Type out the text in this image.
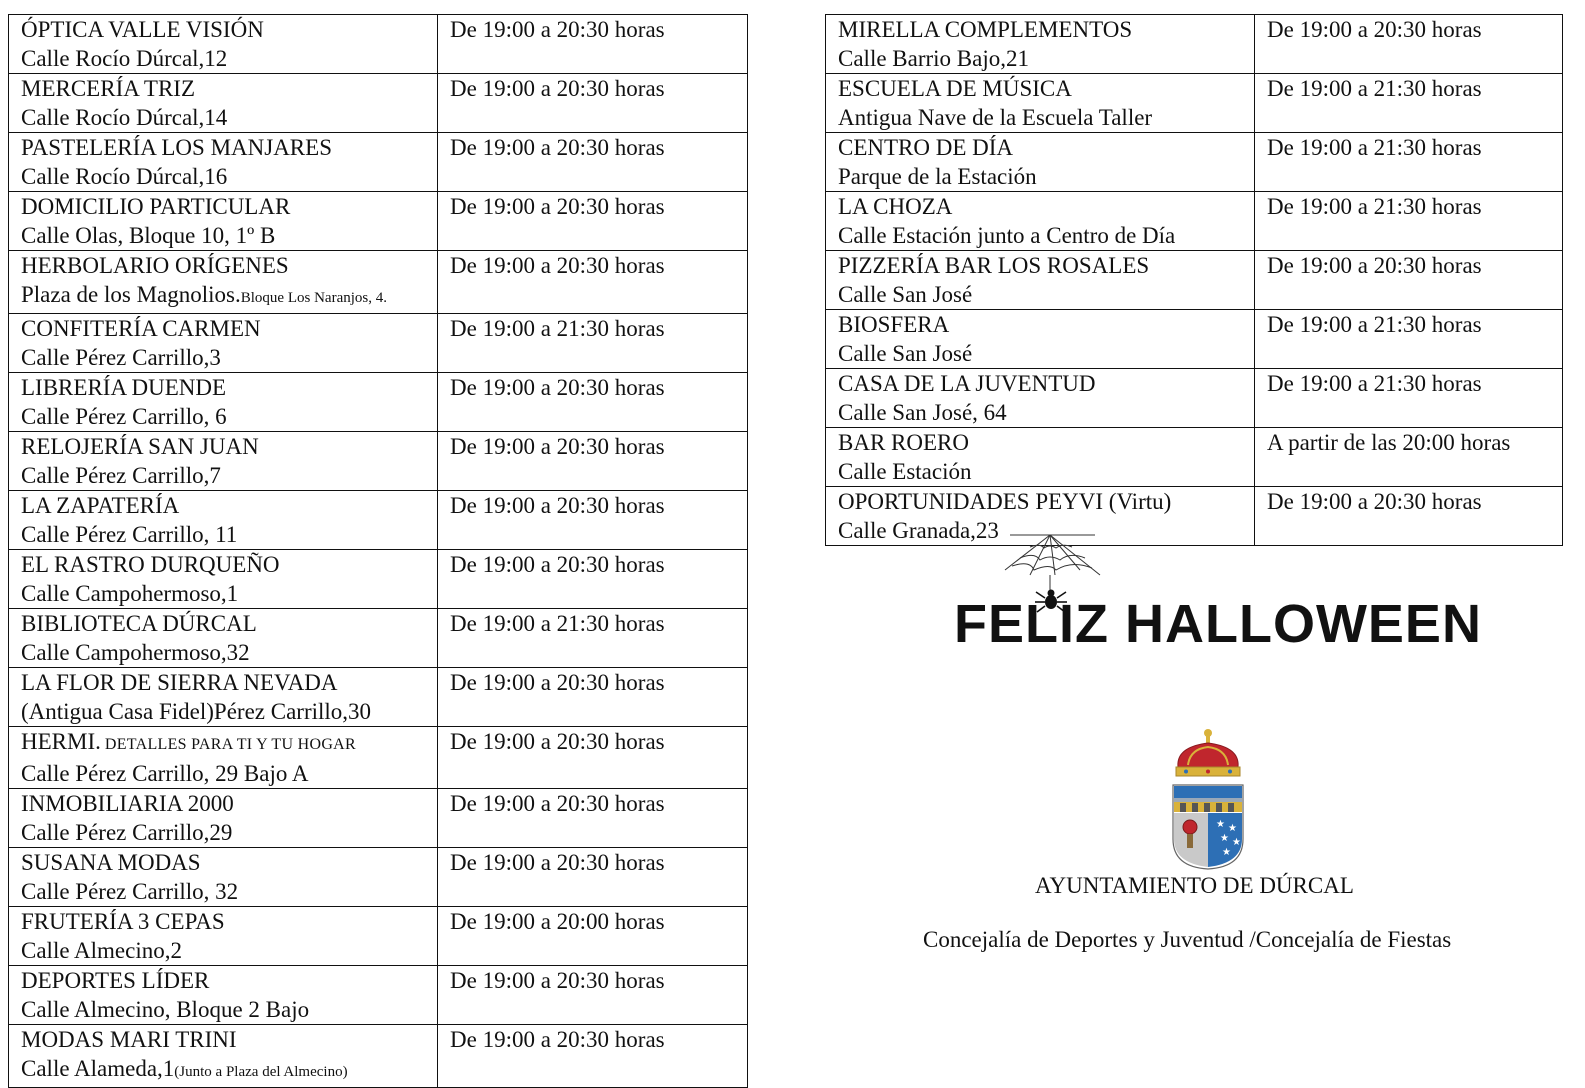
ÓPTICA VALLE VISIÓN
Calle Rocío Dúrcal,12	De 19:00 a 20:30 horas

MERCERÍA TRIZ
Calle Rocío Dúrcal,14	De 19:00 a 20:30 horas

PASTELERÍA LOS MANJARES
Calle Rocío Dúrcal,16	De 19:00 a 20:30 horas

DOMICILIO PARTICULAR
Calle Olas, Bloque 10, 1º B	De 19:00 a 20:30 horas

HERBOLARIO ORÍGENES
Plaza de los Magnolios.Bloque Los Naranjos, 4.	De 19:00 a 20:30 horas

CONFITERÍA CARMEN
Calle Pérez Carrillo,3	De 19:00 a 21:30 horas

LIBRERÍA DUENDE
Calle Pérez Carrillo, 6	De 19:00 a 20:30 horas

RELOJERÍA SAN JUAN
Calle Pérez Carrillo,7	De 19:00 a 20:30 horas

LA ZAPATERÍA
Calle Pérez Carrillo, 11	De 19:00 a 20:30 horas

EL RASTRO DURQUEÑO
Calle Campohermoso,1	De 19:00 a 20:30 horas

BIBLIOTECA DÚRCAL
Calle Campohermoso,32	De 19:00 a 21:30 horas

LA FLOR DE SIERRA NEVADA
(Antigua Casa Fidel)Pérez Carrillo,30	De 19:00 a 20:30 horas

HERMI. DETALLES PARA TI Y TU HOGAR
Calle Pérez Carrillo, 29 Bajo A	De 19:00 a 20:30 horas

INMOBILIARIA 2000
Calle Pérez Carrillo,29	De 19:00 a 20:30 horas

SUSANA MODAS
Calle Pérez Carrillo, 32	De 19:00 a 20:30 horas

FRUTERÍA 3 CEPAS
Calle Almecino,2	De 19:00 a 20:00 horas

DEPORTES LÍDER
Calle Almecino, Bloque 2 Bajo	De 19:00 a 20:30 horas

MODAS MARI TRINI
Calle Alameda,1(Junto a Plaza del Almecino)	De 19:00 a 20:30 horas
MIRELLA COMPLEMENTOS
Calle Barrio Bajo,21	De 19:00 a 20:30 horas

ESCUELA DE MÚSICA
Antigua Nave de la Escuela Taller	De 19:00 a 21:30 horas

CENTRO DE DÍA
Parque de la Estación	De 19:00 a 21:30 horas

LA CHOZA
Calle Estación junto a Centro de Día	De 19:00 a 21:30 horas

PIZZERÍA BAR LOS ROSALES
Calle San José	De 19:00 a 20:30 horas

BIOSFERA
Calle San José	De 19:00 a 21:30 horas

CASA DE LA JUVENTUD
Calle San José, 64	De 19:00 a 21:30 horas

BAR ROERO
Calle Estación	A partir de las 20:00 horas

OPORTUNIDADES PEYVI (Virtu)
Calle Granada,23	De 19:00 a 20:30 horas
FELIZ HALLOWEEN
★ ★
★ ★
★

AYUNTAMIENTO DE DÚRCAL

Concejalía de Deportes y Juventud /Concejalía de Fiestas
